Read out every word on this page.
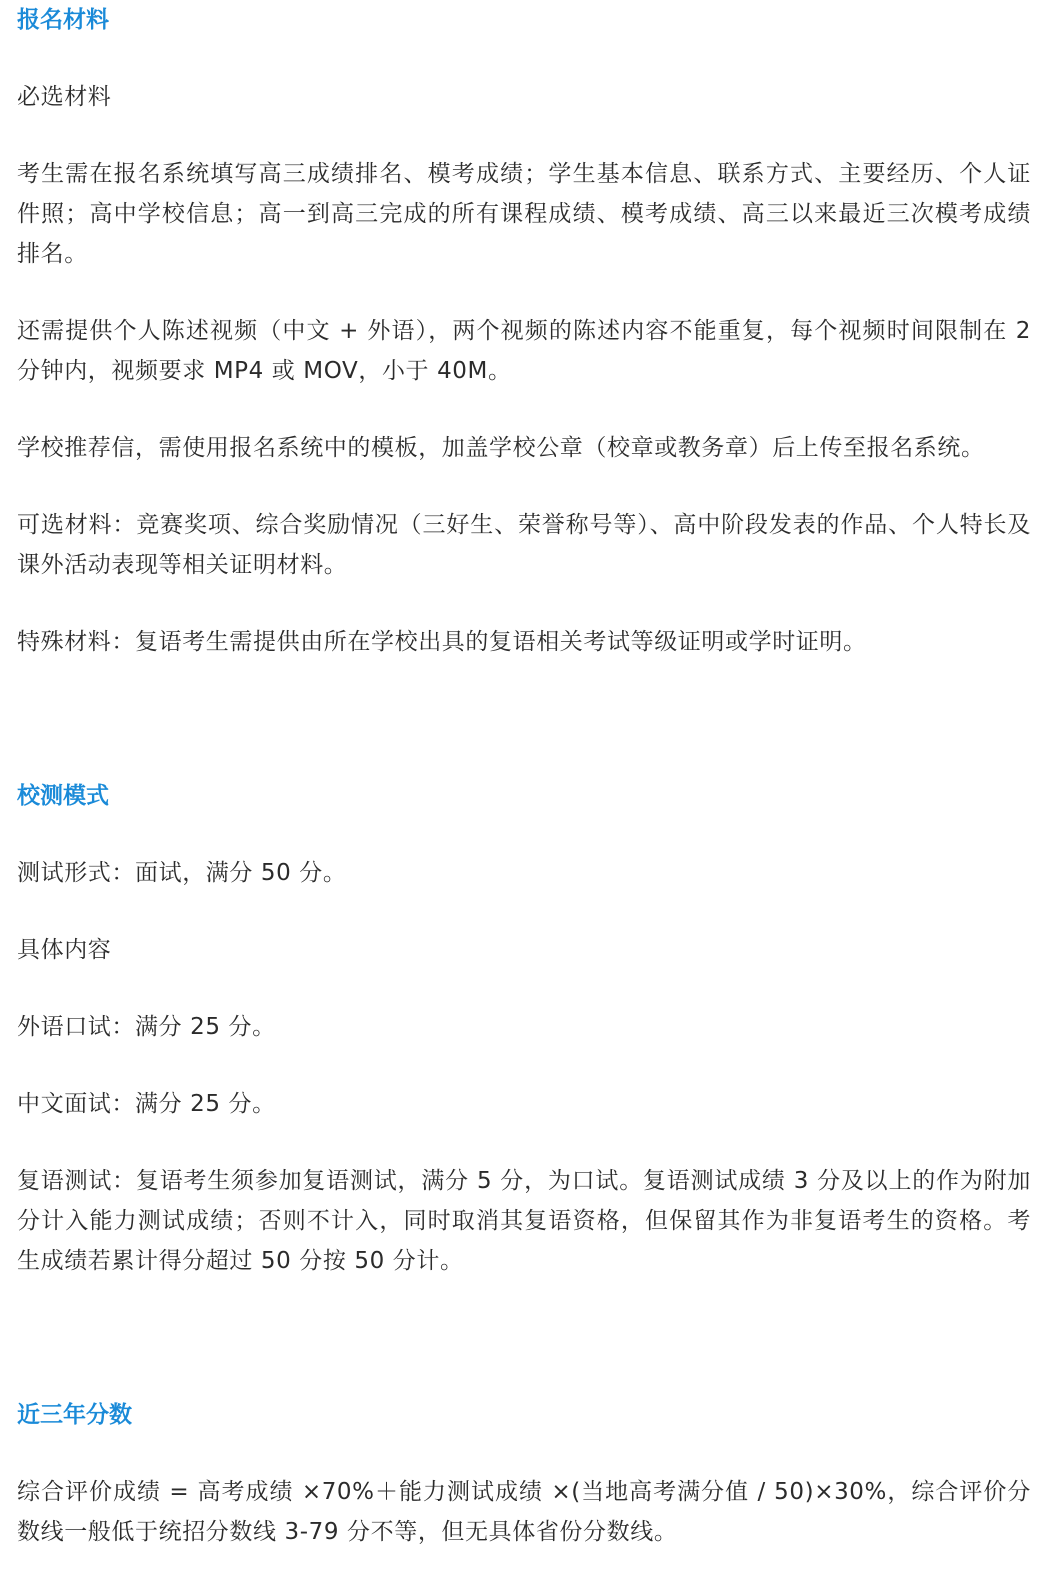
报名材料

必选材料

考生需在报名系统填写高三成绩排名、模考成绩；学生基本信息、联系方式、主要经历、个人证件照；高中学校信息；高一到高三完成的所有课程成绩、模考成绩、高三以来最近三次模考成绩排名。

还需提供个人陈述视频（中文 + 外语），两个视频的陈述内容不能重复，每个视频时间限制在 2 分钟内，视频要求 MP4 或 MOV，小于 40M。

学校推荐信，需使用报名系统中的模板，加盖学校公章（校章或教务章）后上传至报名系统。

可选材料：竞赛奖项、综合奖励情况（三好生、荣誉称号等）、高中阶段发表的作品、个人特长及课外活动表现等相关证明材料。

特殊材料：复语考生需提供由所在学校出具的复语相关考试等级证明或学时证明。

校测模式

测试形式：面试，满分 50 分。

具体内容

外语口试：满分 25 分。

中文面试：满分 25 分。

复语测试：复语考生须参加复语测试，满分 5 分，为口试。复语测试成绩 3 分及以上的作为附加分计入能力测试成绩；否则不计入，同时取消其复语资格，但保留其作为非复语考生的资格。考生成绩若累计得分超过 50 分按 50 分计。

近三年分数

综合评价成绩 = 高考成绩 ×70%＋能力测试成绩 ×(当地高考满分值 / 50)×30%，综合评价分数线一般低于统招分数线 3-79 分不等，但无具体省份分数线。
